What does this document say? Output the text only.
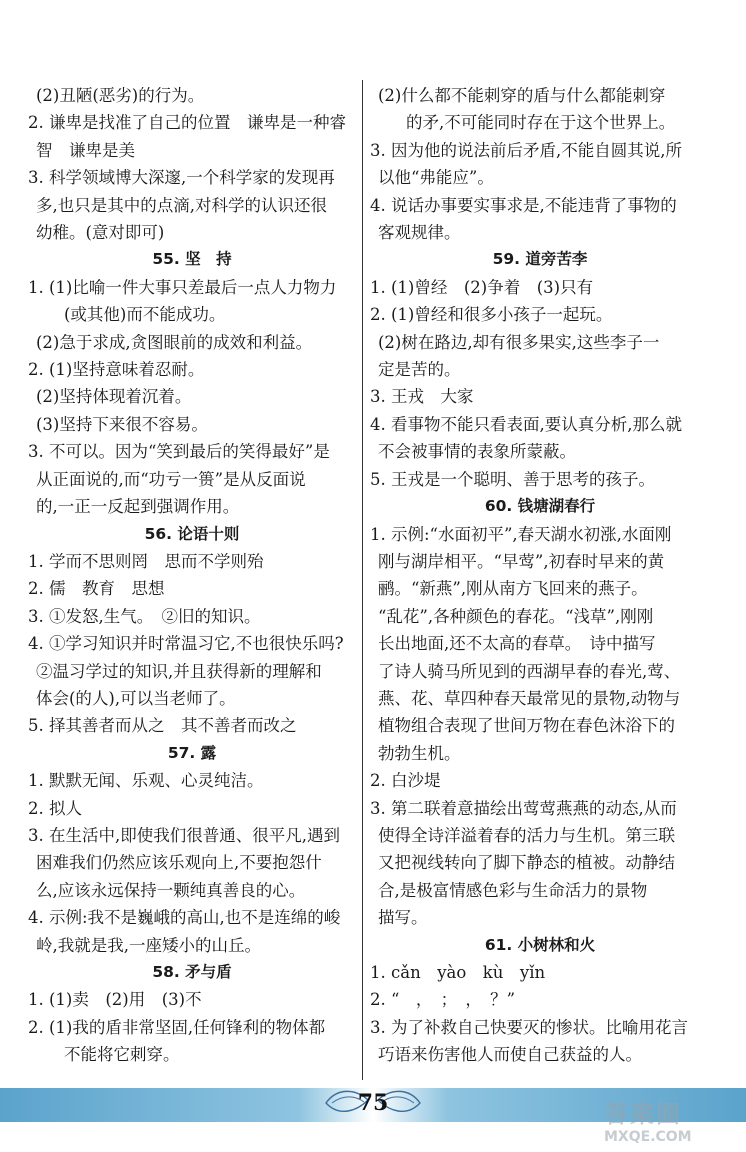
(2)丑陋(恶劣)的行为。
2. 谦卑是找准了自己的位置　谦卑是一种睿
智　谦卑是美
3. 科学领域博大深邃,一个科学家的发现再
多,也只是其中的点滴,对科学的认识还很
幼稚。(意对即可)
55. 坚　持
1. (1)比喻一件大事只差最后一点人力物力
(或其他)而不能成功。
(2)急于求成,贪图眼前的成效和利益。
2. (1)坚持意味着忍耐。
(2)坚持体现着沉着。
(3)坚持下来很不容易。
3. 不可以。因为“笑到最后的笑得最好”是
从正面说的,而“功亏一篑”是从反面说
的,一正一反起到强调作用。
56. 论语十则
1. 学而不思则罔　思而不学则殆
2. 儒　教育　思想
3. ①发怒,生气。　②旧的知识。
4. ①学习知识并时常温习它,不也很快乐吗?
②温习学过的知识,并且获得新的理解和
体会(的人),可以当老师了。
5. 择其善者而从之　其不善者而改之
57. 露
1. 默默无闻、乐观、心灵纯洁。
2. 拟人
3. 在生活中,即使我们很普通、很平凡,遇到
困难我们仍然应该乐观向上,不要抱怨什
么,应该永远保持一颗纯真善良的心。
4. 示例:我不是巍峨的高山,也不是连绵的峻
岭,我就是我,一座矮小的山丘。
58. 矛与盾
1. (1)卖　(2)用　(3)不
2. (1)我的盾非常坚固,任何锋利的物体都
不能将它刺穿。
(2)什么都不能刺穿的盾与什么都能刺穿
的矛,不可能同时存在于这个世界上。
3. 因为他的说法前后矛盾,不能自圆其说,所
以他“弗能应”。
4. 说话办事要实事求是,不能违背了事物的
客观规律。
59. 道旁苦李
1. (1)曾经　(2)争着　(3)只有
2. (1)曾经和很多小孩子一起玩。
(2)树在路边,却有很多果实,这些李子一
定是苦的。
3. 王戎　大家
4. 看事物不能只看表面,要认真分析,那么就
不会被事情的表象所蒙蔽。
5. 王戎是一个聪明、善于思考的孩子。
60. 钱塘湖春行
1. 示例:“水面初平”,春天湖水初涨,水面刚
刚与湖岸相平。“早莺”,初春时早来的黄
鹂。“新燕”,刚从南方飞回来的燕子。
“乱花”,各种颜色的春花。“浅草”,刚刚
长出地面,还不太高的春草。　诗中描写
了诗人骑马所见到的西湖早春的春光,莺、
燕、花、草四种春天最常见的景物,动物与
植物组合表现了世间万物在春色沐浴下的
勃勃生机。
2. 白沙堤
3. 第二联着意描绘出莺莺燕燕的动态,从而
使得全诗洋溢着春的活力与生机。第三联
又把视线转向了脚下静态的植被。动静结
合,是极富情感色彩与生命活力的景物
描写。
61. 小树林和火
1. cǎn　yào　kù　yǐn
2. “　，　；　，　？”
3. 为了补救自己快要灭的惨状。比喻用花言
巧语来伤害他人而使自己获益的人。
75	答案圈
MXQE.COM
